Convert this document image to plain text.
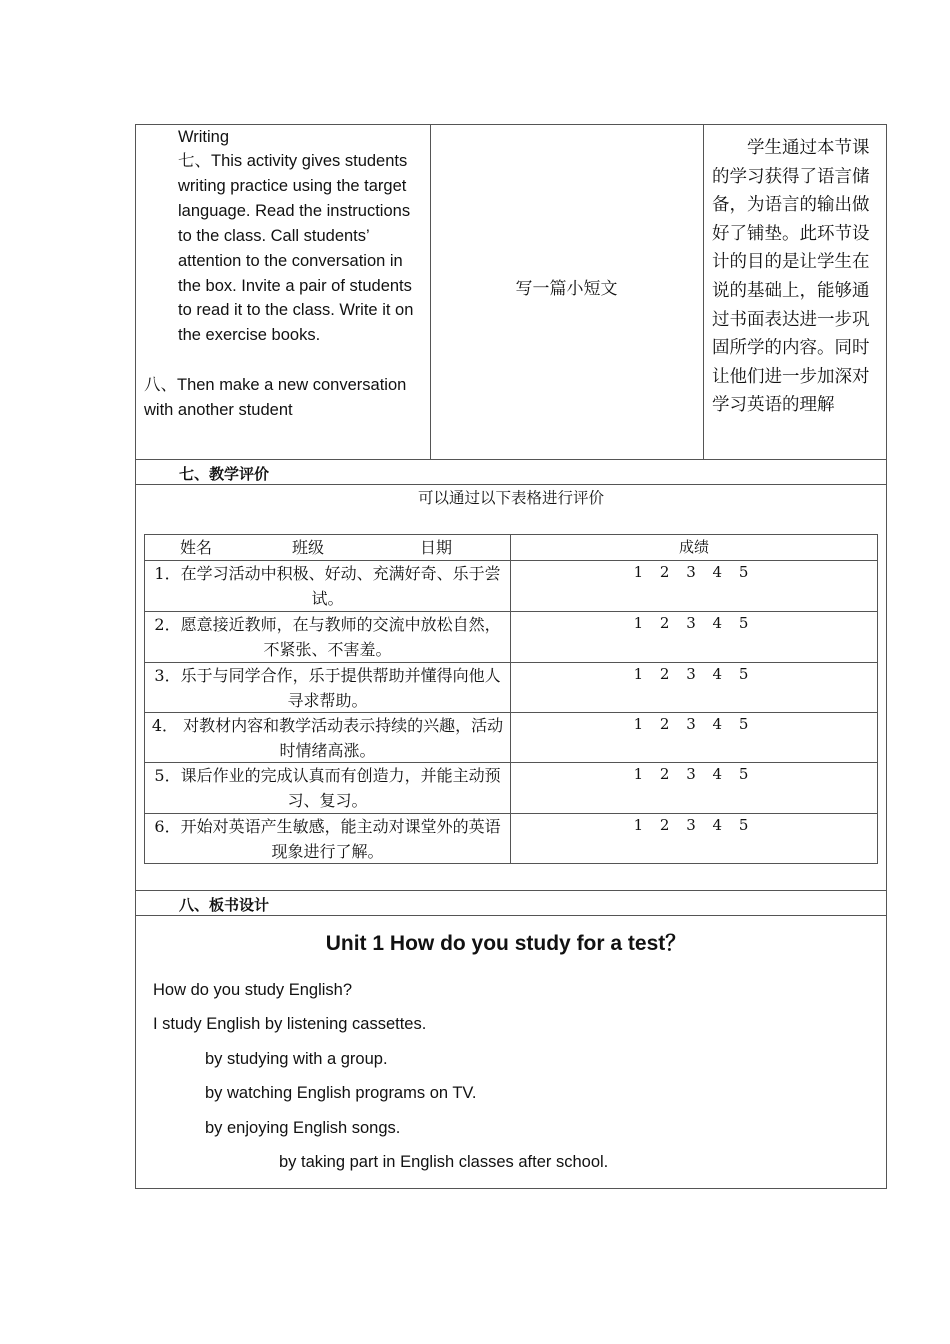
Writing
七、This activity gives students writing practice using the target language. Read the instructions to the class. Call students’ attention to the conversation in the box. Invite a pair of students to read it to the class. Write it on the exercise books.
八、Then make a new conversation with another student
写一篇小短文
学生通过本节课的学习获得了语言储备，为语言的输出做好了铺垫。此环节设计的目的是让学生在说的基础上，能够通过书面表达进一步巩固所学的内容。同时让他们进一步加深对学习英语的理解
七、教学评价
可以通过以下表格进行评价
姓名　　　　　班级　　　　　　日期	成绩
1．在学习活动中积极、好动、充满好奇、乐于尝试。
1 2 3 4 5
2．愿意接近教师，在与教师的交流中放松自然，不紧张、不害羞。
1 2 3 4 5
3．乐于与同学合作，乐于提供帮助并懂得向他人寻求帮助。
1 2 3 4 5
4． 对教材内容和教学活动表示持续的兴趣，活动时情绪高涨。
1 2 3 4 5
5．课后作业的完成认真而有创造力，并能主动预习、复习。
1 2 3 4 5
6．开始对英语产生敏感，能主动对课堂外的英语现象进行了解。
1 2 3 4 5
八、板书设计
Unit 1 How do you study for a test？
How do you study English?
I study English by listening cassettes.
by studying with a group.
by watching English programs on TV.
by enjoying English songs.
by taking part in English classes after school.
